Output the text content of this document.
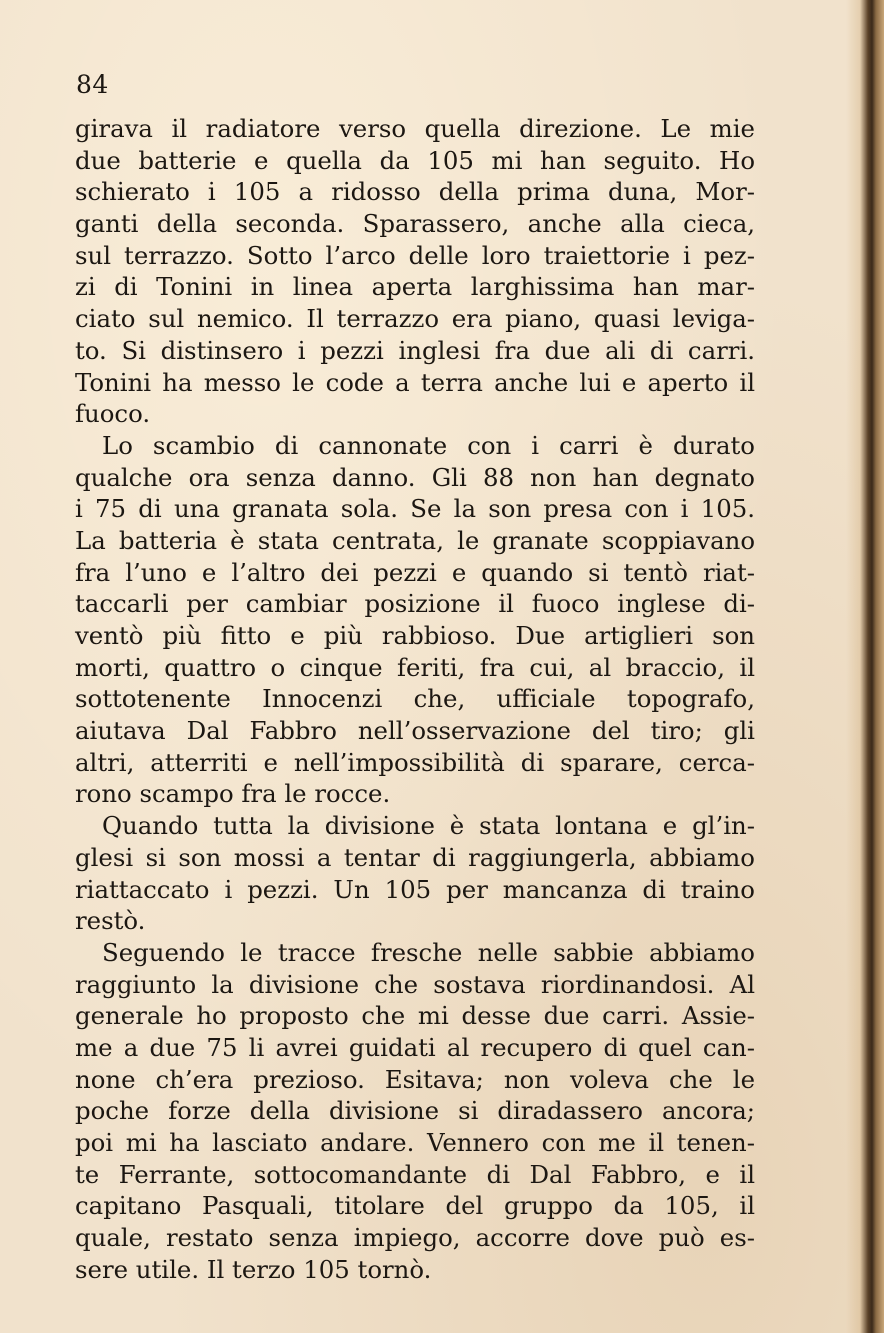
84
girava il radiatore verso quella direzione. Le mie
due batterie e quella da 105 mi han seguito. Ho
schierato i 105 a ridosso della prima duna, Mor-
ganti della seconda. Sparassero, anche alla cieca,
sul terrazzo. Sotto l’arco delle loro traiettorie i pez-
zi di Tonini in linea aperta larghissima han mar-
ciato sul nemico. Il terrazzo era piano, quasi leviga-
to. Si distinsero i pezzi inglesi fra due ali di carri.
Tonini ha messo le code a terra anche lui e aperto il
fuoco.
Lo scambio di cannonate con i carri è durato
qualche ora senza danno. Gli 88 non han degnato
i 75 di una granata sola. Se la son presa con i 105.
La batteria è stata centrata, le granate scoppiavano
fra l’uno e l’altro dei pezzi e quando si tentò riat-
taccarli per cambiar posizione il fuoco inglese di-
ventò più fitto e più rabbioso. Due artiglieri son
morti, quattro o cinque feriti, fra cui, al braccio, il
sottotenente Innocenzi che, ufficiale topografo,
aiutava Dal Fabbro nell’osservazione del tiro; gli
altri, atterriti e nell’impossibilità di sparare, cerca-
rono scampo fra le rocce.
Quando tutta la divisione è stata lontana e gl’in-
glesi si son mossi a tentar di raggiungerla, abbiamo
riattaccato i pezzi. Un 105 per mancanza di traino
restò.
Seguendo le tracce fresche nelle sabbie abbiamo
raggiunto la divisione che sostava riordinandosi. Al
generale ho proposto che mi desse due carri. Assie-
me a due 75 li avrei guidati al recupero di quel can-
none ch’era prezioso. Esitava; non voleva che le
poche forze della divisione si diradassero ancora;
poi mi ha lasciato andare. Vennero con me il tenen-
te Ferrante, sottocomandante di Dal Fabbro, e il
capitano Pasquali, titolare del gruppo da 105, il
quale, restato senza impiego, accorre dove può es-
sere utile. Il terzo 105 tornò.
